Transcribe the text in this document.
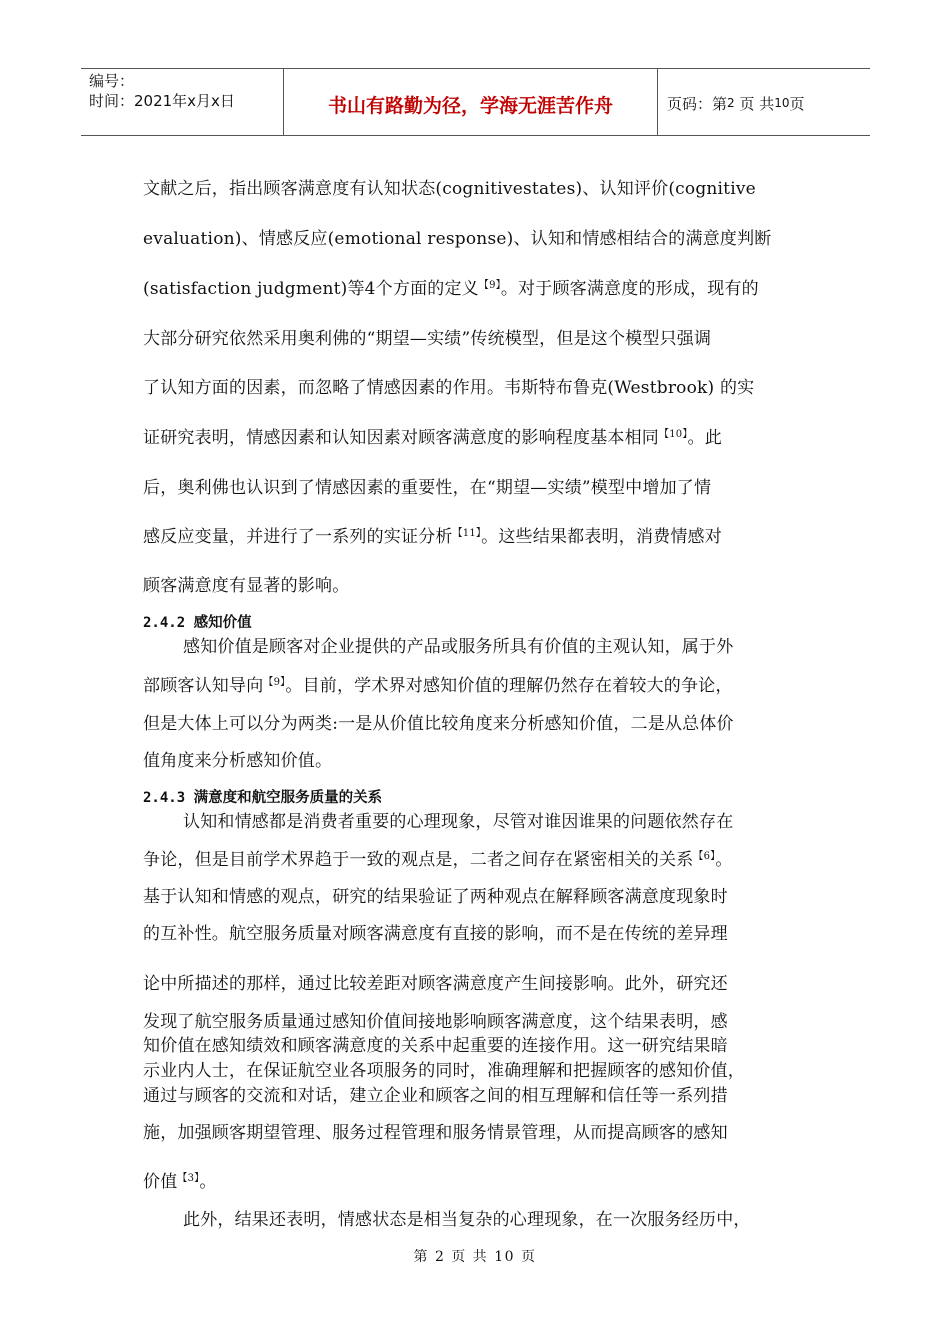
编号：
时间：2021年x月x日	书山有路勤为径，学海无涯苦作舟	页码：第 2
页 共 10 页
文献之后，指出顾客满意度有认知状态(cognitivestates)、认知评价(cognitive
evaluation)、情感反应(emotional response)、认知和情感相结合的满意度判断
(satisfaction judgment)等4个方面的定义$^{【9】}$。对于顾客满意度的形成，现有的
大部分研究依然采用奥利佛的“期望—实绩”传统模型，但是这个模型只强调
了认知方面的因素，而忽略了情感因素的作用。韦斯特布鲁克(Westbrook) 的实
证研究表明，情感因素和认知因素对顾客满意度的影响程度基本相同$^{【10】}$。此
后，奥利佛也认识到了情感因素的重要性，在“期望—实绩”模型中增加了情
感反应变量，并进行了一系列的实证分析$^{【11】}$。这些结果都表明，消费情感对
顾客满意度有显著的影响。
2.4.2 感知价值
感知价值是顾客对企业提供的产品或服务所具有价值的主观认知，属于外
部顾客认知导向$^{【9】}$。目前，学术界对感知价值的理解仍然存在着较大的争论，
但是大体上可以分为两类:一是从价值比较角度来分析感知价值，二是从总体价
值角度来分析感知价值。
2.4.3 满意度和航空服务质量的关系
认知和情感都是消费者重要的心理现象，尽管对谁因谁果的问题依然存在
争论，但是目前学术界趋于一致的观点是，二者之间存在紧密相关的关系$^{【6】}$。
基于认知和情感的观点，研究的结果验证了两种观点在解释顾客满意度现象时
的互补性。航空服务质量对顾客满意度有直接的影响，而不是在传统的差异理
论中所描述的那样，通过比较差距对顾客满意度产生间接影响。此外，研究还
发现了航空服务质量通过感知价值间接地影响顾客满意度，这个结果表明，感
知价值在感知绩效和顾客满意度的关系中起重要的连接作用。这一研究结果暗
示业内人士，在保证航空业各项服务的同时，准确理解和把握顾客的感知价值，
通过与顾客的交流和对话，建立企业和顾客之间的相互理解和信任等一系列措
施，加强顾客期望管理、服务过程管理和服务情景管理，从而提高顾客的感知
价值$^{【3】}$。
此外，结果还表明，情感状态是相当复杂的心理现象，在一次服务经历中，
第 2 页 共 10 页
